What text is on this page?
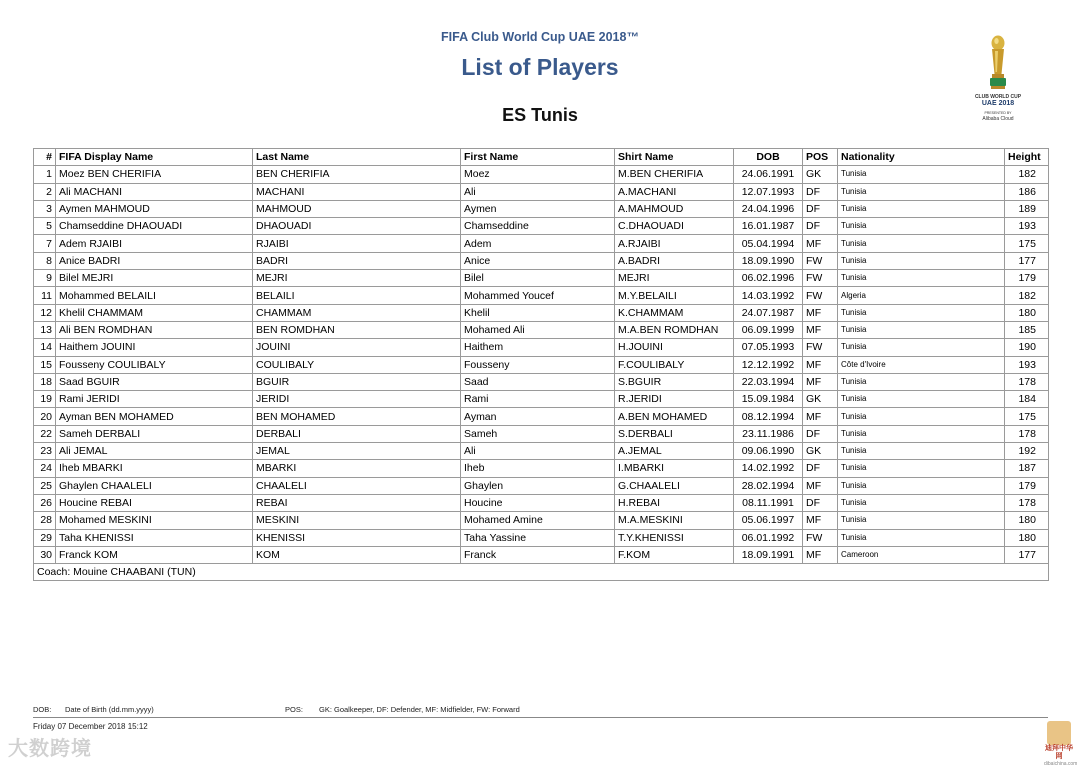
FIFA Club World Cup UAE 2018™
List of Players
ES Tunis
CLUB WORLD CUP
UAE 2018
PRESENTED BY
Alibaba Cloud
#	FIFA Display Name	Last Name	First Name	Shirt Name	DOB	POS	Nationality	Height
1	Moez BEN CHERIFIA	BEN CHERIFIA	Moez	M.BEN CHERIFIA	24.06.1991	GK	Tunisia	182
2	Ali MACHANI	MACHANI	Ali	A.MACHANI	12.07.1993	DF	Tunisia	186
3	Aymen MAHMOUD	MAHMOUD	Aymen	A.MAHMOUD	24.04.1996	DF	Tunisia	189
5	Chamseddine DHAOUADI	DHAOUADI	Chamseddine	C.DHAOUADI	16.01.1987	DF	Tunisia	193
7	Adem RJAIBI	RJAIBI	Adem	A.RJAIBI	05.04.1994	MF	Tunisia	175
8	Anice BADRI	BADRI	Anice	A.BADRI	18.09.1990	FW	Tunisia	177
9	Bilel MEJRI	MEJRI	Bilel	MEJRI	06.02.1996	FW	Tunisia	179
11	Mohammed BELAILI	BELAILI	Mohammed Youcef	M.Y.BELAILI	14.03.1992	FW	Algeria	182
12	Khelil CHAMMAM	CHAMMAM	Khelil	K.CHAMMAM	24.07.1987	MF	Tunisia	180
13	Ali BEN ROMDHAN	BEN ROMDHAN	Mohamed Ali	M.A.BEN ROMDHAN	06.09.1999	MF	Tunisia	185
14	Haithem JOUINI	JOUINI	Haithem	H.JOUINI	07.05.1993	FW	Tunisia	190
15	Fousseny COULIBALY	COULIBALY	Fousseny	F.COULIBALY	12.12.1992	MF	Côte d'Ivoire	193
18	Saad BGUIR	BGUIR	Saad	S.BGUIR	22.03.1994	MF	Tunisia	178
19	Rami JERIDI	JERIDI	Rami	R.JERIDI	15.09.1984	GK	Tunisia	184
20	Ayman BEN MOHAMED	BEN MOHAMED	Ayman	A.BEN MOHAMED	08.12.1994	MF	Tunisia	175
22	Sameh DERBALI	DERBALI	Sameh	S.DERBALI	23.11.1986	DF	Tunisia	178
23	Ali JEMAL	JEMAL	Ali	A.JEMAL	09.06.1990	GK	Tunisia	192
24	Iheb MBARKI	MBARKI	Iheb	I.MBARKI	14.02.1992	DF	Tunisia	187
25	Ghaylen CHAALELI	CHAALELI	Ghaylen	G.CHAALELI	28.02.1994	MF	Tunisia	179
26	Houcine REBAI	REBAI	Houcine	H.REBAI	08.11.1991	DF	Tunisia	178
28	Mohamed MESKINI	MESKINI	Mohamed Amine	M.A.MESKINI	05.06.1997	MF	Tunisia	180
29	Taha KHENISSI	KHENISSI	Taha Yassine	T.Y.KHENISSI	06.01.1992	FW	Tunisia	180
30	Franck KOM	KOM	Franck	F.KOM	18.09.1991	MF	Cameroon	177
Coach: Mouine CHAABANI (TUN)								
DOB: Date of Birth (dd.mm.yyyy)	POS: GK: Goalkeeper, DF: Defender, MF: Midfielder, FW: Forward
Friday 07 December 2018 15:12
大数跨境	迪拜中华网
dibaichina.com
